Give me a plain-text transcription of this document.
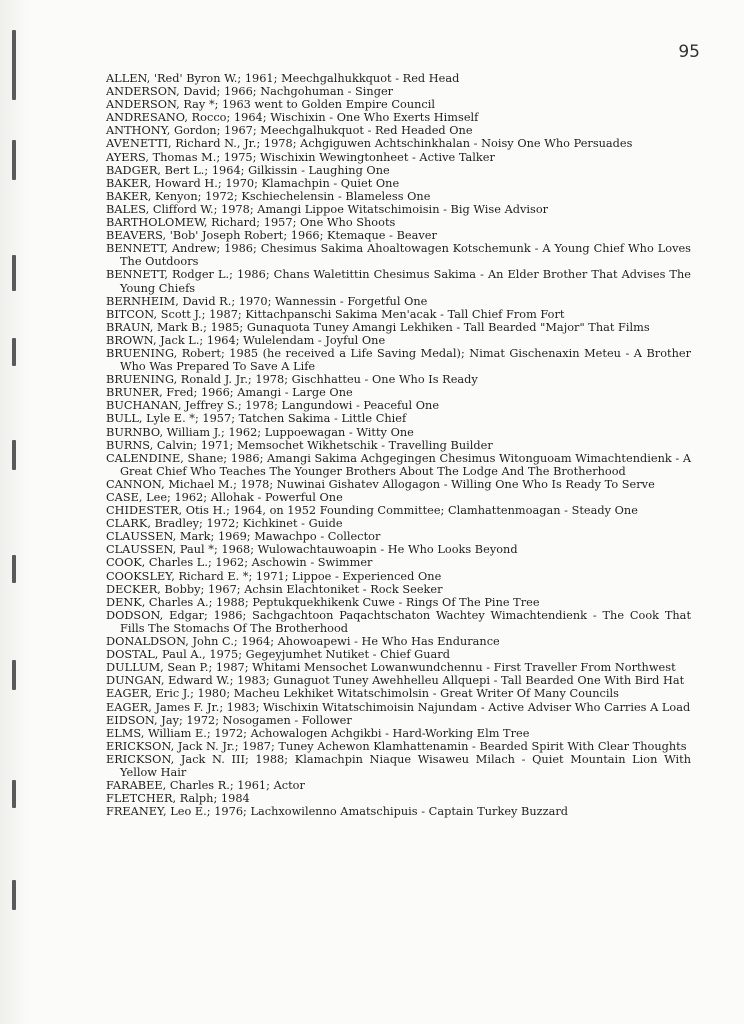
95

ALLEN, 'Red' Byron W.; 1961; Meechgalhukkquot - Red Head

ANDERSON, David; 1966; Nachgohuman - Singer

ANDERSON, Ray *; 1963 went to Golden Empire Council

ANDRESANO, Rocco; 1964; Wischixin - One Who Exerts Himself

ANTHONY, Gordon; 1967; Meechgalhukquot - Red Headed One

AVENETTI, Richard N., Jr.; 1978; Achgiguwen Achtschinkhalan - Noisy One Who Persuades

AYERS, Thomas M.; 1975; Wischixin Wewingtonheet - Active Talker

BADGER, Bert L.; 1964; Gilkissin - Laughing One

BAKER, Howard H.; 1970; Klamachpin - Quiet One

BAKER, Kenyon; 1972; Kschiechelensin - Blameless One

BALES, Clifford W.; 1978; Amangi Lippoe Witatschimoisin - Big Wise Advisor

BARTHOLOMEW, Richard; 1957; One Who Shoots

BEAVERS, 'Bob' Joseph Robert; 1966; Ktemaque - Beaver

BENNETT, Andrew; 1986; Chesimus Sakima Ahoaltowagen Kotschemunk - A Young Chief Who Loves The Outdoors

BENNETT, Rodger L.; 1986; Chans Waletittin Chesimus Sakima - An Elder Brother That Advises The Young Chiefs

BERNHEIM, David R.; 1970; Wannessin - Forgetful One

BITCON, Scott J.; 1987; Kittachpanschi Sakima Men'acak - Tall Chief From Fort

BRAUN, Mark B.; 1985; Gunaquota Tuney Amangi Lekhiken - Tall Bearded "Major" That Films

BROWN, Jack L.; 1964; Wulelendam - Joyful One

BRUENING, Robert; 1985 (he received a Life Saving Medal); Nimat Gischenaxin Meteu - A Brother Who Was Prepared To Save A Life

BRUENING, Ronald J. Jr.; 1978; Gischhatteu - One Who Is Ready

BRUNER, Fred; 1966; Amangi - Large One

BUCHANAN, Jeffrey S.; 1978; Langundowi - Peaceful One

BULL, Lyle E. *; 1957; Tatchen Sakima - Little Chief

BURNBO, William J.; 1962; Luppoewagan - Witty One

BURNS, Calvin; 1971; Memsochet Wikhetschik - Travelling Builder

CALENDINE, Shane; 1986; Amangi Sakima Achgegingen Chesimus Witonguoam Wimachtendienk - A Great Chief Who Teaches The Younger Brothers About The Lodge And The Brotherhood

CANNON, Michael M.; 1978; Nuwinai Gishatev Allogagon - Willing One Who Is Ready To Serve

CASE, Lee; 1962; Allohak - Powerful One

CHIDESTER, Otis H.; 1964, on 1952 Founding Committee; Clamhattenmoagan - Steady One

CLARK, Bradley; 1972; Kichkinet - Guide

CLAUSSEN, Mark; 1969; Mawachpo - Collector

CLAUSSEN, Paul *; 1968; Wulowachtauwoapin - He Who Looks Beyond

COOK, Charles L.; 1962; Aschowin - Swimmer

COOKSLEY, Richard E. *; 1971; Lippoe - Experienced One

DECKER, Bobby; 1967; Achsin Elachtoniket - Rock Seeker

DENK, Charles A.; 1988; Peptukquekhikenk Cuwe - Rings Of The Pine Tree

DODSON, Edgar; 1986; Sachgachtoon Paqachtschaton Wachtey Wimachtendienk - The Cook That Fills The Stomachs Of The Brotherhood

DONALDSON, John C.; 1964; Ahowoapewi - He Who Has Endurance

DOSTAL, Paul A., 1975; Gegeyjumhet Nutiket - Chief Guard

DULLUM, Sean P.; 1987; Whitami Mensochet Lowanwundchennu - First Traveller From Northwest

DUNGAN, Edward W.; 1983; Gunaguot Tuney Awehhelleu Allquepi - Tall Bearded One With Bird Hat

EAGER, Eric J.; 1980; Macheu Lekhiket Witatschimolsin - Great Writer Of Many Councils

EAGER, James F. Jr.; 1983; Wischixin Witatschimoisin Najundam - Active Adviser Who Carries A Load

EIDSON, Jay; 1972; Nosogamen - Follower

ELMS, William E.; 1972; Achowalogen Achgikbi - Hard-Working Elm Tree

ERICKSON, Jack N. Jr.; 1987; Tuney Achewon Klamhattenamin - Bearded Spirit With Clear Thoughts

ERICKSON, Jack N. III; 1988; Klamachpin Niaque Wisaweu Milach - Quiet Mountain Lion With Yellow Hair

FARABEE, Charles R.; 1961; Actor

FLETCHER, Ralph; 1984

FREANEY, Leo E.; 1976; Lachxowilenno Amatschipuis - Captain Turkey Buzzard
